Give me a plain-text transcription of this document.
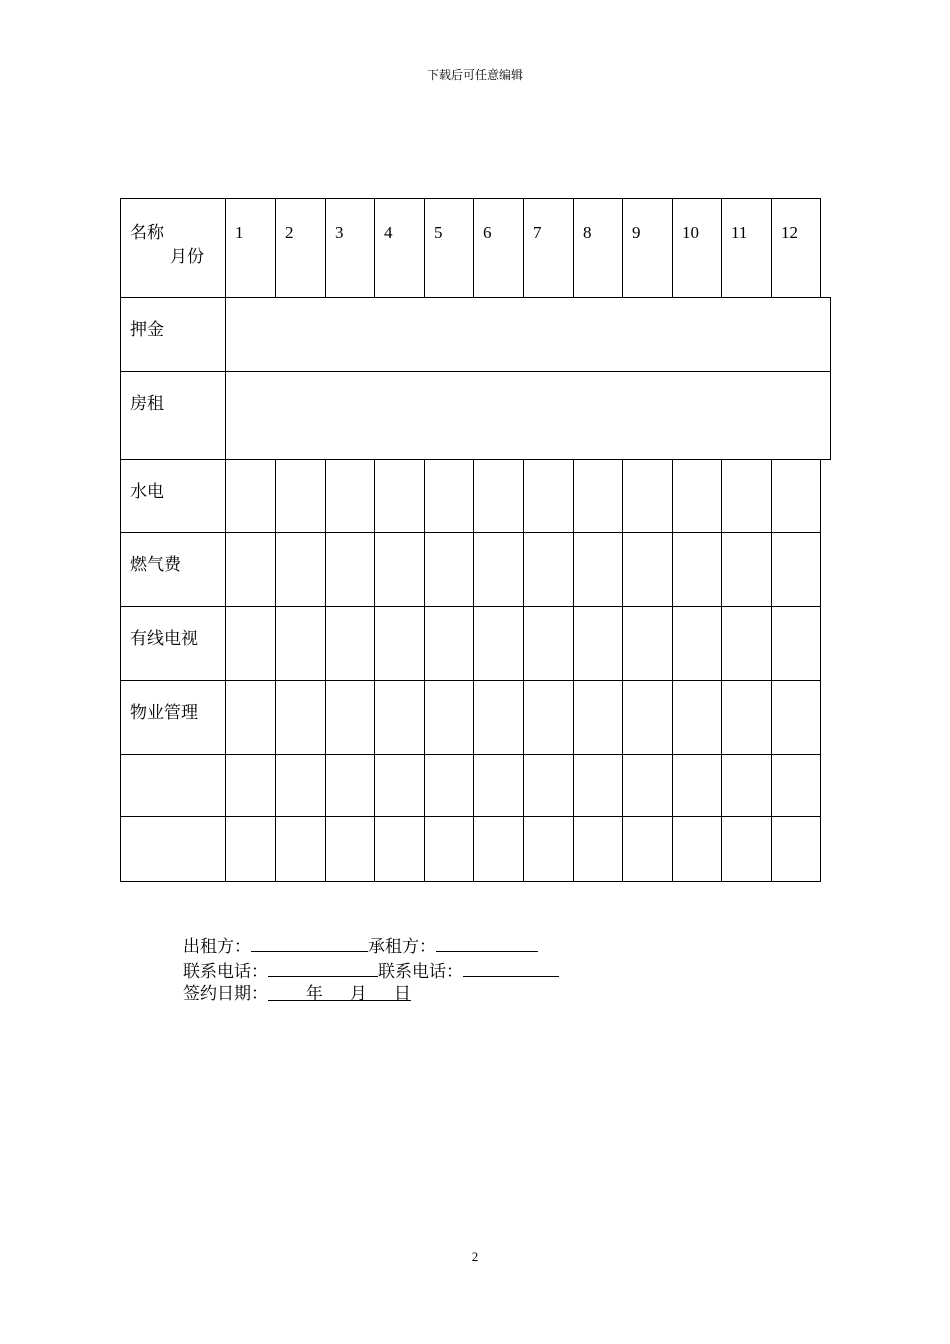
下载后可任意编辑
名称
月份
1 2 3 4 5 6 7 8 9 10 11 12
押金
房租
水电
燃气费
有线电视
物业管理
出租方：	承租方：
联系电话：	联系电话：
签约日期： 年 月 日
2
